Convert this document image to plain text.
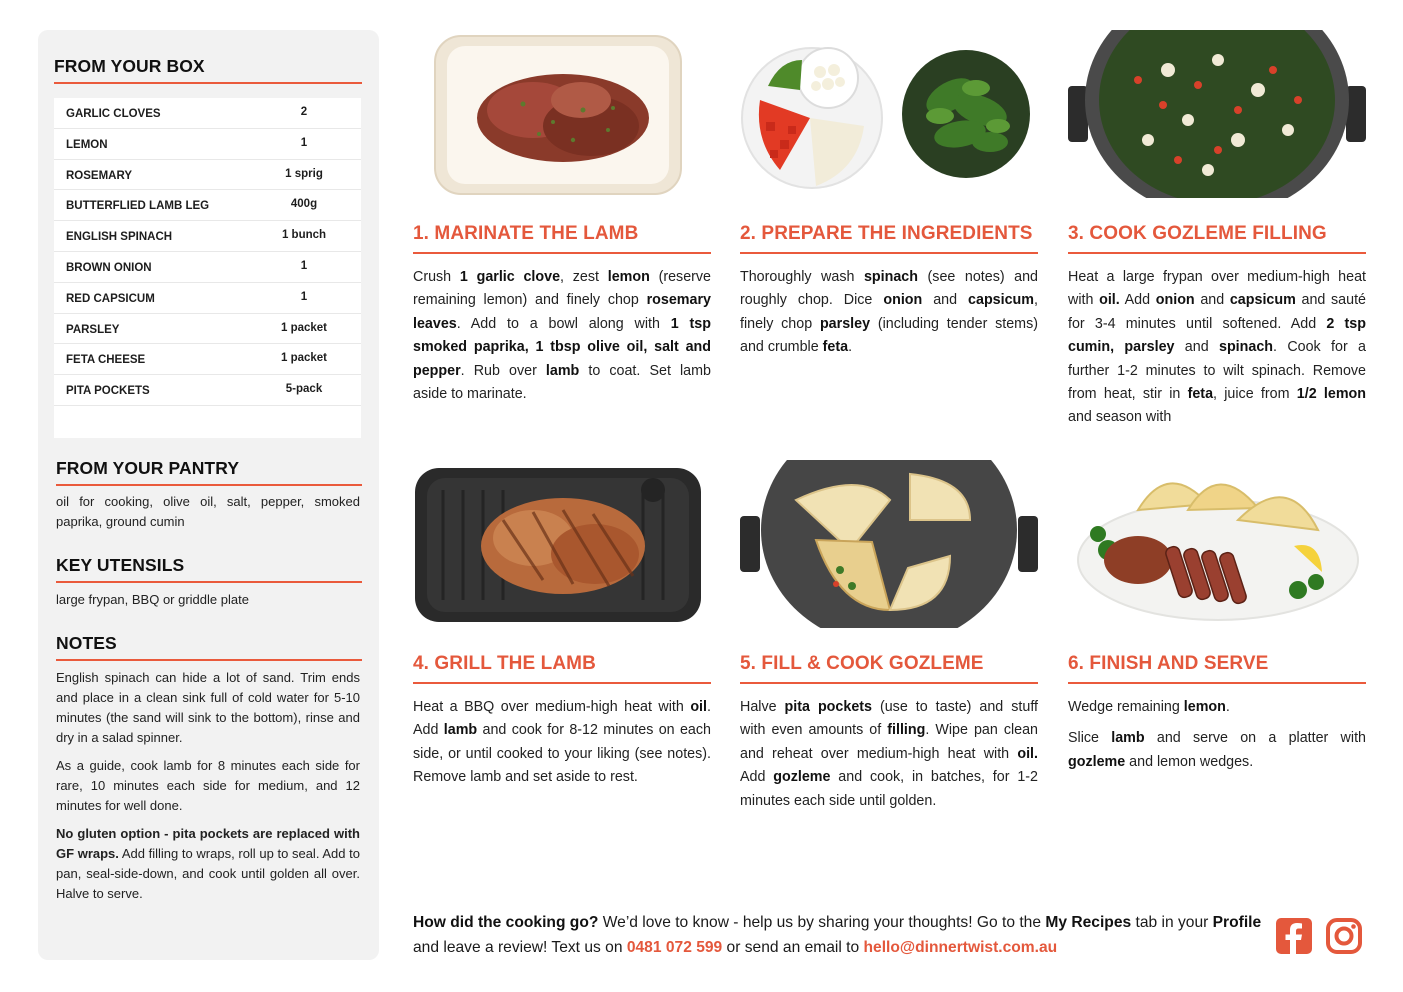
FROM YOUR BOX
GARLIC CLOVES	2
LEMON	1
ROSEMARY	1 sprig
BUTTERFLIED LAMB LEG	400g
ENGLISH SPINACH	1 bunch
BROWN ONION	1
RED CAPSICUM	1
PARSLEY	1 packet
FETA CHEESE	1 packet
PITA POCKETS	5-pack
FROM YOUR PANTRY
oil for cooking, olive oil, salt, pepper, smoked paprika, ground cumin
KEY UTENSILS
large frypan, BBQ or griddle plate
NOTES
English spinach can hide a lot of sand. Trim ends and place in a clean sink full of cold water for 5-10 minutes (the sand will sink to the bottom), rinse and dry in a salad spinner.
As a guide, cook lamb for 8 minutes each side for rare, 10 minutes each side for medium, and 12 minutes for well done.
No gluten option - pita pockets are replaced with GF wraps. Add filling to wraps, roll up to seal. Add to pan, seal-side-down, and cook until golden all over. Halve to serve.
1. MARINATE THE LAMB
Crush 1 garlic clove, zest lemon (reserve remaining lemon) and finely chop rosemary leaves. Add to a bowl along with 1 tsp smoked paprika, 1 tbsp olive oil, salt and pepper. Rub over lamb to coat. Set lamb aside to marinate.
2. PREPARE THE INGREDIENTS
Thoroughly wash spinach (see notes) and roughly chop. Dice onion and capsicum, finely chop parsley (including tender stems) and crumble feta.
3. COOK GOZLEME FILLING
Heat a large frypan over medium-high heat with oil. Add onion and capsicum and sauté for 3-4 minutes until softened. Add 2 tsp cumin, parsley and spinach. Cook for a further 1-2 minutes to wilt spinach. Remove from heat, stir in feta, juice from 1/2 lemon and season with
4. GRILL THE LAMB
Heat a BBQ over medium-high heat with oil. Add lamb and cook for 8-12 minutes on each side, or until cooked to your liking (see notes). Remove lamb and set aside to rest.
5. FILL & COOK GOZLEME
Halve pita pockets (use to taste) and stuff with even amounts of filling. Wipe pan clean and reheat over medium-high heat with oil. Add gozleme and cook, in batches, for 1-2 minutes each side until golden.
6. FINISH AND SERVE

Wedge remaining lemon.

Slice lamb and serve on a platter with gozleme and lemon wedges.

How did the cooking go? We’d love to know - help us by sharing your thoughts! Go to the My Recipes tab in your Profile and leave a review! Text us on 0481 072 599 or send an email to hello@dinnertwist.com.au
